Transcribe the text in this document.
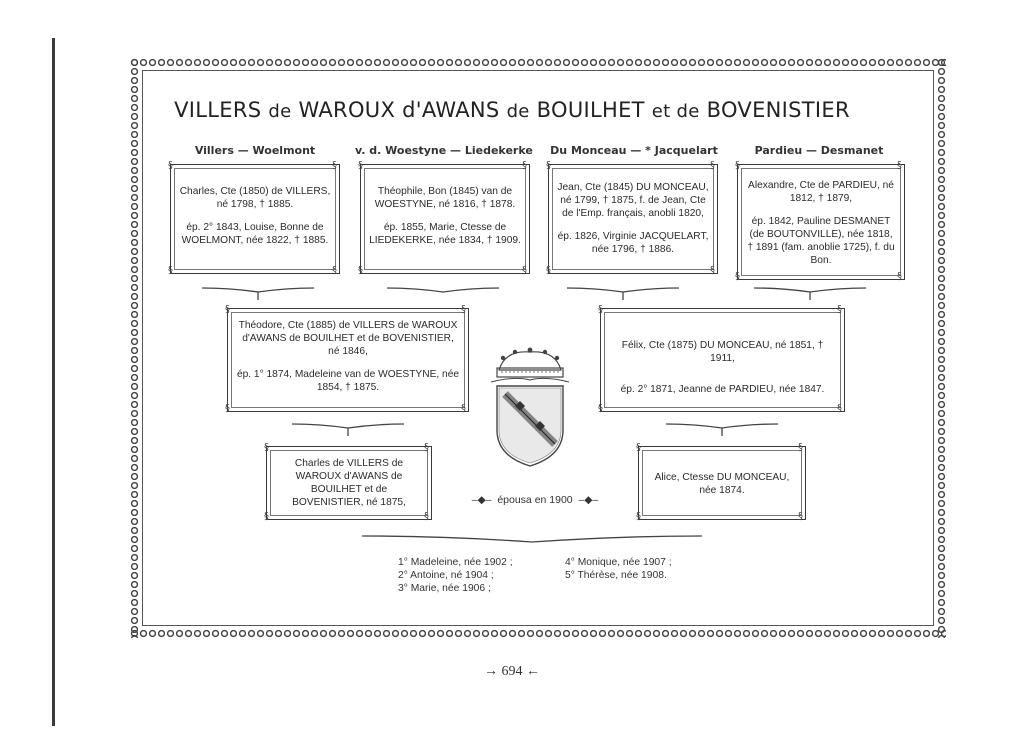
VILLERS de WAROUX d'AWANS de BOUILHET et de BOVENISTIER
Villers — Woelmont	v. d. Woestyne — Liedekerke Du Monceau — * Jacquelart	Pardieu — Desmanet
§	§
§	§

Charles, Cte (1850) de VILLERS, né 1798, † 1885.

ép. 2° 1843, Louise, Bonne de WOELMONT, née 1822, † 1885.

§	§
§	§

Théophile, Bon (1845) van de WOESTYNE, né 1816, † 1878.

ép. 1855, Marie, Ctesse de LIEDEKERKE, née 1834, † 1909.

§	§
§	§

Jean, Cte (1845) DU MONCEAU, né 1799, † 1875, f. de Jean, Cte de l'Emp. français, anobli 1820,

ép. 1826, Virginie JACQUELART, née 1796, † 1886.

§	§
§	§

Alexandre, Cte de PARDIEU, né 1812, † 1879,

ép. 1842, Pauline DESMANET (de BOUTONVILLE), née 1818, † 1891 (fam. anoblie 1725), f. du Bon.

§	§
§	§

Théodore, Cte (1885) de VILLERS de WAROUX d'AWANS de BOUILHET et de BOVENISTIER, né 1846,

ép. 1° 1874, Madeleine van de WOESTYNE, née 1854, † 1875.

§	§
§	§

Félix, Cte (1875) DU MONCEAU, né 1851, † 1911,

ép. 2° 1871, Jeanne de PARDIEU, née 1847.

§	§
§	§

Charles de VILLERS de WAROUX d'AWANS de BOUILHET et de BOVENISTIER, né 1875,	–◆–  épousa en 1900  –◆–
§	§
§	§

Alice, Ctesse DU MONCEAU, née 1874.

1° Madeleine, née 1902 ;
2° Antoine, né 1904 ;
3° Marie, née 1906 ;
4° Monique, née 1907 ;
5° Thérèse, née 1908.
→ 694 ←
